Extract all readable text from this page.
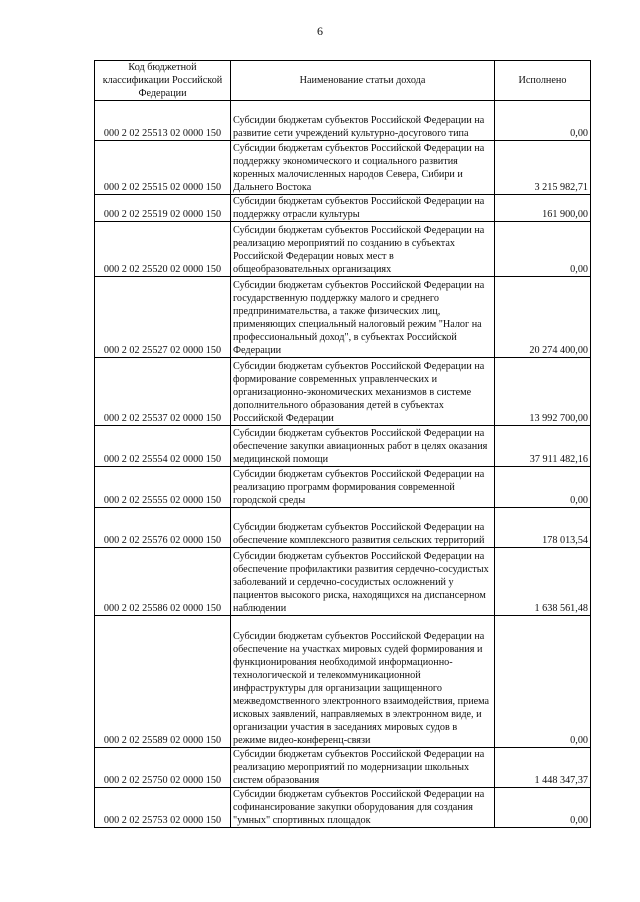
6
Код бюджетной классификации Российской Федерации	Наименование статьи дохода	Исполнено
000 2 02 25513 02 0000 150	Субсидии бюджетам субъектов Российской Федерации на развитие сети учреждений культурно-досугового типа	0,00
000 2 02 25515 02 0000 150	Субсидии бюджетам субъектов Российской Федерации на поддержку экономического и социального развития коренных малочисленных народов Севера, Сибири и Дальнего Востока	3 215 982,71
000 2 02 25519 02 0000 150	Субсидии бюджетам субъектов Российской Федерации на поддержку отрасли культуры	161 900,00
000 2 02 25520 02 0000 150	Субсидии бюджетам субъектов Российской Федерации на реализацию мероприятий по созданию в субъектах Российской Федерации новых мест в общеобразовательных организациях	0,00
000 2 02 25527 02 0000 150	Субсидии бюджетам субъектов Российской Федерации на государственную поддержку малого и среднего предпринимательства, а также физических лиц, применяющих специальный налоговый режим "Налог на профессиональный доход", в субъектах Российской Федерации	20 274 400,00
000 2 02 25537 02 0000 150	Субсидии бюджетам субъектов Российской Федерации на формирование современных управленческих и организационно-экономических механизмов в системе дополнительного образования детей в субъектах Российской Федерации	13 992 700,00
000 2 02 25554 02 0000 150	Субсидии бюджетам субъектов Российской Федерации на обеспечение закупки авиационных работ в целях оказания медицинской помощи	37 911 482,16
000 2 02 25555 02 0000 150	Субсидии бюджетам субъектов Российской Федерации на реализацию программ формирования современной городской среды	0,00
000 2 02 25576 02 0000 150	Субсидии бюджетам субъектов Российской Федерации на обеспечение комплексного развития сельских территорий	178 013,54
000 2 02 25586 02 0000 150	Субсидии бюджетам субъектов Российской Федерации на обеспечение профилактики развития сердечно-сосудистых заболеваний и сердечно-сосудистых осложнений у пациентов высокого риска, находящихся на диспансерном наблюдении	1 638 561,48
000 2 02 25589 02 0000 150	Субсидии бюджетам субъектов Российской Федерации на обеспечение на участках мировых судей формирования и функционирования необходимой информационно-технологической и телекоммуникационной инфраструктуры для организации защищенного межведомственного электронного взаимодействия, приема исковых заявлений, направляемых в электронном виде, и организации участия в заседаниях мировых судов в режиме видео-конференц-связи	0,00
000 2 02 25750 02 0000 150	Субсидии бюджетам субъектов Российской Федерации на реализацию мероприятий по модернизации школьных систем образования	1 448 347,37
000 2 02 25753 02 0000 150	Субсидии бюджетам субъектов Российской Федерации на софинансирование закупки оборудования для создания "умных" спортивных площадок	0,00
